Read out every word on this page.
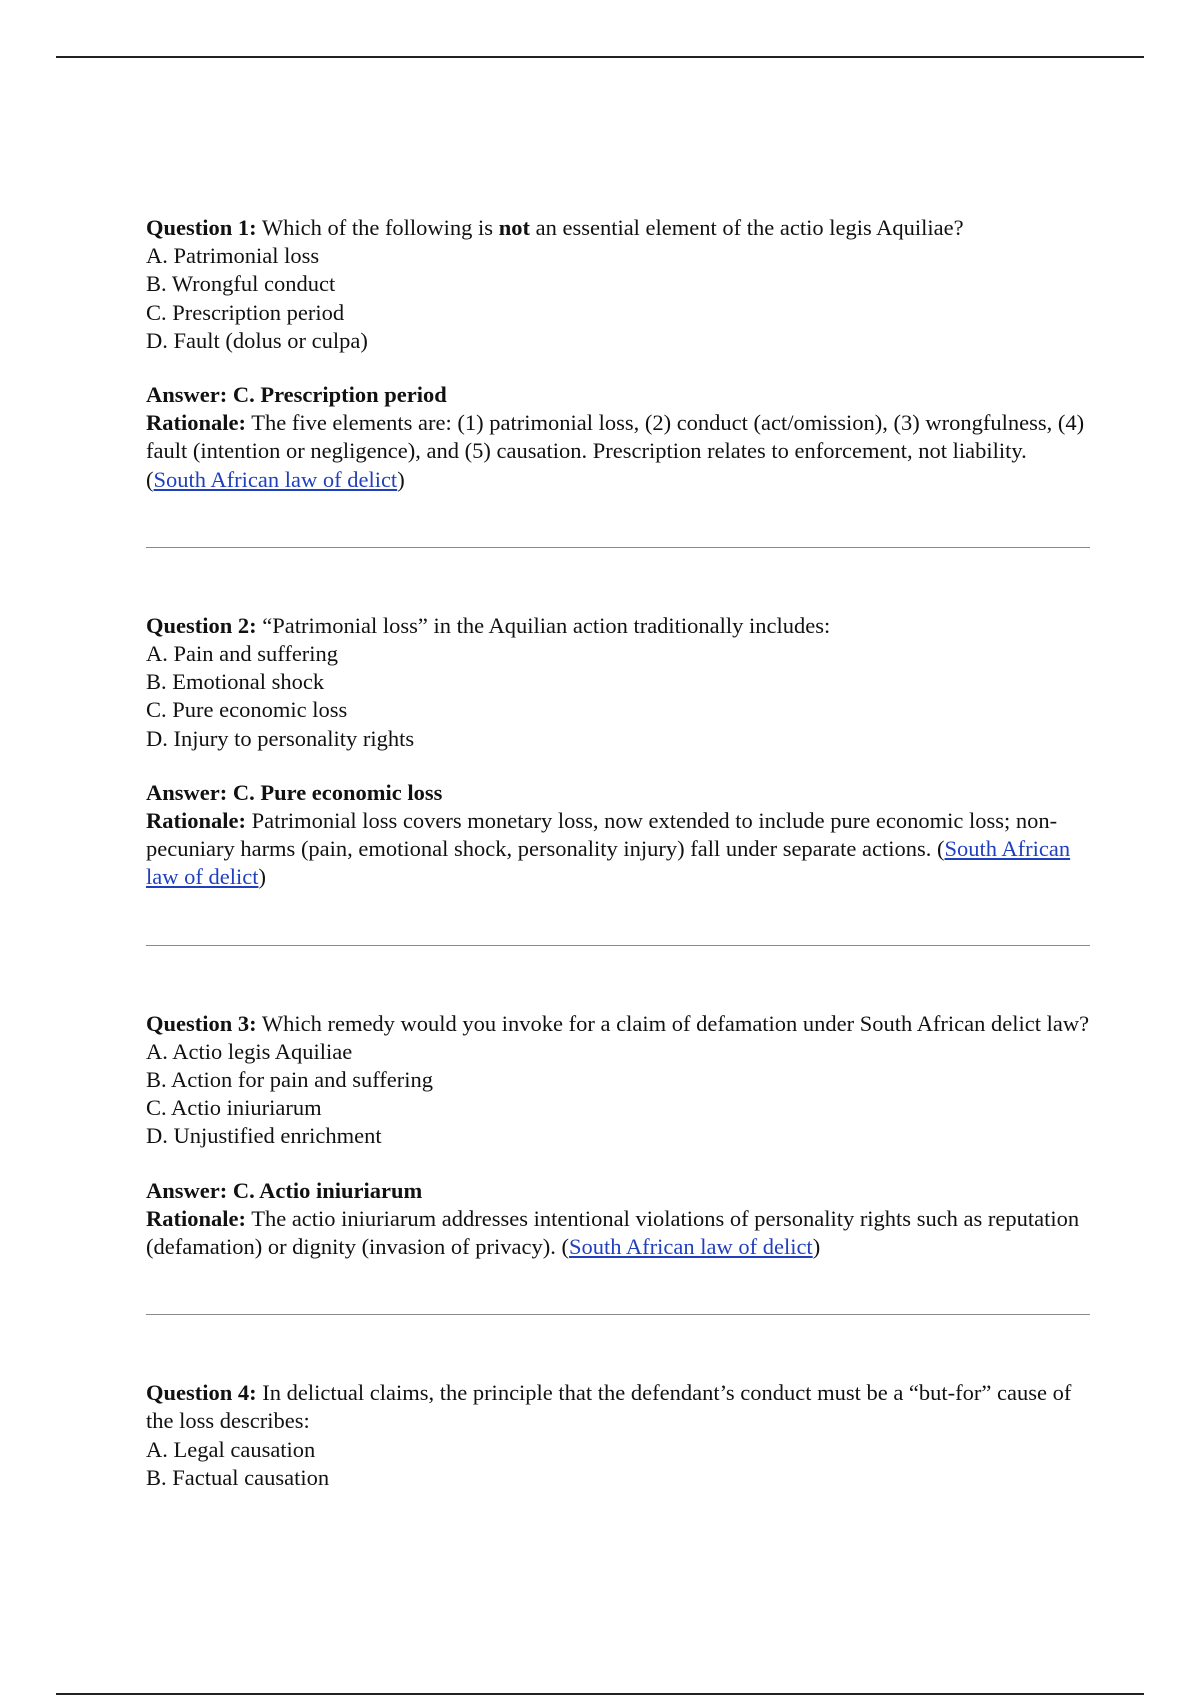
Question 1: Which of the following is not an essential element of the actio legis Aquiliae?
A. Patrimonial loss
B. Wrongful conduct
C. Prescription period
D. Fault (dolus or culpa)
Answer: C. Prescription period
Rationale: The five elements are: (1) patrimonial loss, (2) conduct (act/omission), (3) wrongfulness, (4) fault (intention or negligence), and (5) causation. Prescription relates to enforcement, not liability. (South African law of delict)
Question 2: “Patrimonial loss” in the Aquilian action traditionally includes:
A. Pain and suffering
B. Emotional shock
C. Pure economic loss
D. Injury to personality rights
Answer: C. Pure economic loss
Rationale: Patrimonial loss covers monetary loss, now extended to include pure economic loss; non-pecuniary harms (pain, emotional shock, personality injury) fall under separate actions. (South African law of delict)
Question 3: Which remedy would you invoke for a claim of defamation under South African delict law?
A. Actio legis Aquiliae
B. Action for pain and suffering
C. Actio iniuriarum
D. Unjustified enrichment
Answer: C. Actio iniuriarum
Rationale: The actio iniuriarum addresses intentional violations of personality rights such as reputation (defamation) or dignity (invasion of privacy). (South African law of delict)
Question 4: In delictual claims, the principle that the defendant’s conduct must be a “but-for” cause of the loss describes:
A. Legal causation
B. Factual causation
